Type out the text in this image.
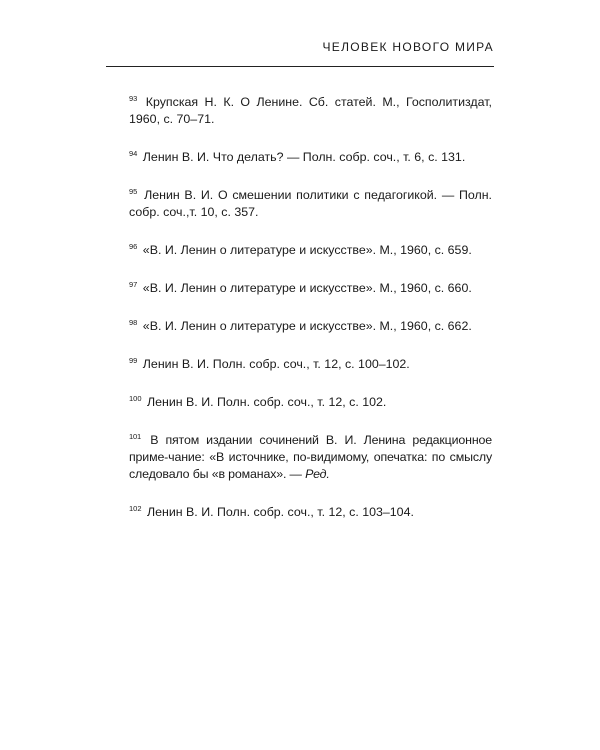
ЧЕЛОВЕК НОВОГО МИРА

$^{93}$ Крупская Н. К. О Ленине. Сб. статей. М., Госполитиздат, 1960, с. 70–71.

$^{94}$ Ленин В. И. Что делать? — Полн. собр. соч., т. 6, с. 131.

$^{95}$ Ленин В. И. О смешении политики с педагогикой. — Полн. собр. соч.,т. 10, с. 357.

$^{96}$ «В. И. Ленин о литературе и искусстве». М., 1960, с. 659.

$^{97}$ «В. И. Ленин о литературе и искусстве». М., 1960, с. 660.

$^{98}$ «В. И. Ленин о литературе и искусстве». М., 1960, с. 662.

$^{99}$ Ленин В. И. Полн. собр. соч., т. 12, с. 100–102.

$^{100}$ Ленин В. И. Полн. собр. соч., т. 12, с. 102.

$^{101}$ В пятом издании сочинений В. И. Ленина редакционное приме-чание: «В источнике, по-видимому, опечатка: по смыслу следовало бы «в романах». — Ред.

$^{102}$ Ленин В. И. Полн. собр. соч., т. 12, с. 103–104.
